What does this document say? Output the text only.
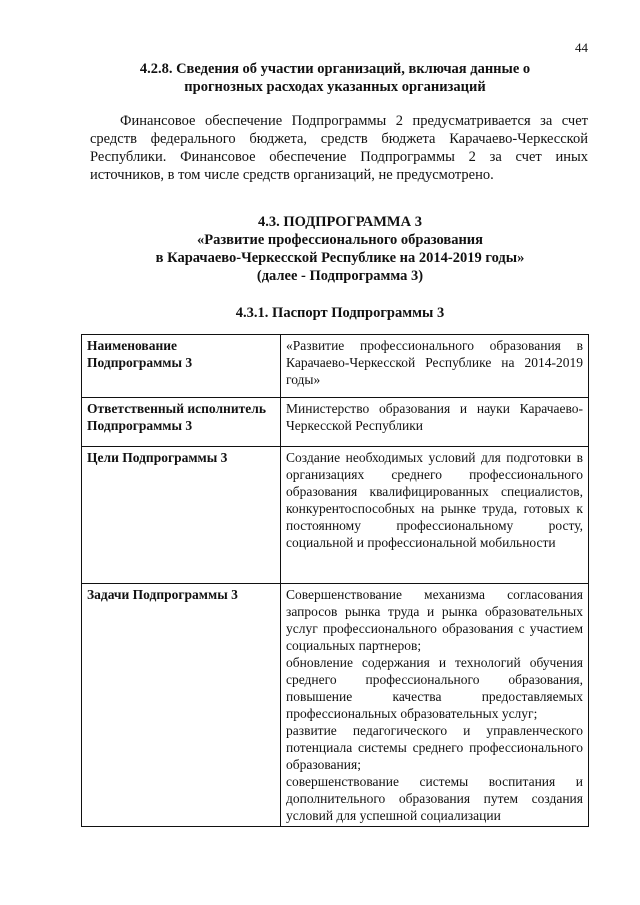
44
4.2.8. Сведения об участии организаций, включая данные о
прогнозных расходах указанных организаций

Финансовое обеспечение Подпрограммы 2 предусматривается за счет средств федерального бюджета, средств бюджета Карачаево-Черкесской Республики. Финансовое обеспечение Подпрограммы 2 за счет иных источников, в том числе средств организаций, не предусмотрено.

4.3. ПОДПРОГРАММА 3
«Развитие профессионального образования
в Карачаево-Черкесской Республике на 2014-2019 годы»
(далее - Подпрограмма 3)
4.3.1. Паспорт Подпрограммы 3
Наименование Подпрограммы 3	«Развитие профессионального образования в Карачаево-Черкесской Республике на 2014-2019 годы»
Ответственный исполнитель Подпрограммы 3	Министерство образования и науки Карачаево-Черкесской Республики
Цели Подпрограммы 3	Создание необходимых условий для подготовки в организациях среднего профессионального образования квалифицированных специалистов, конкурентоспособных на рынке труда, готовых к постоянному профессиональному росту, социальной и профессиональной мобильности
Задачи Подпрограммы 3	Совершенствование механизма согласования запросов рынка труда и рынка образовательных услуг профессионального образования с участием социальных партнеров;
обновление содержания и технологий обучения среднего профессионального образования, повышение качества предоставляемых профессиональных образовательных услуг;
развитие педагогического и управленческого потенциала системы среднего профессионального образования;
совершенствование системы воспитания и дополнительного образования путем создания условий для успешной социализации
